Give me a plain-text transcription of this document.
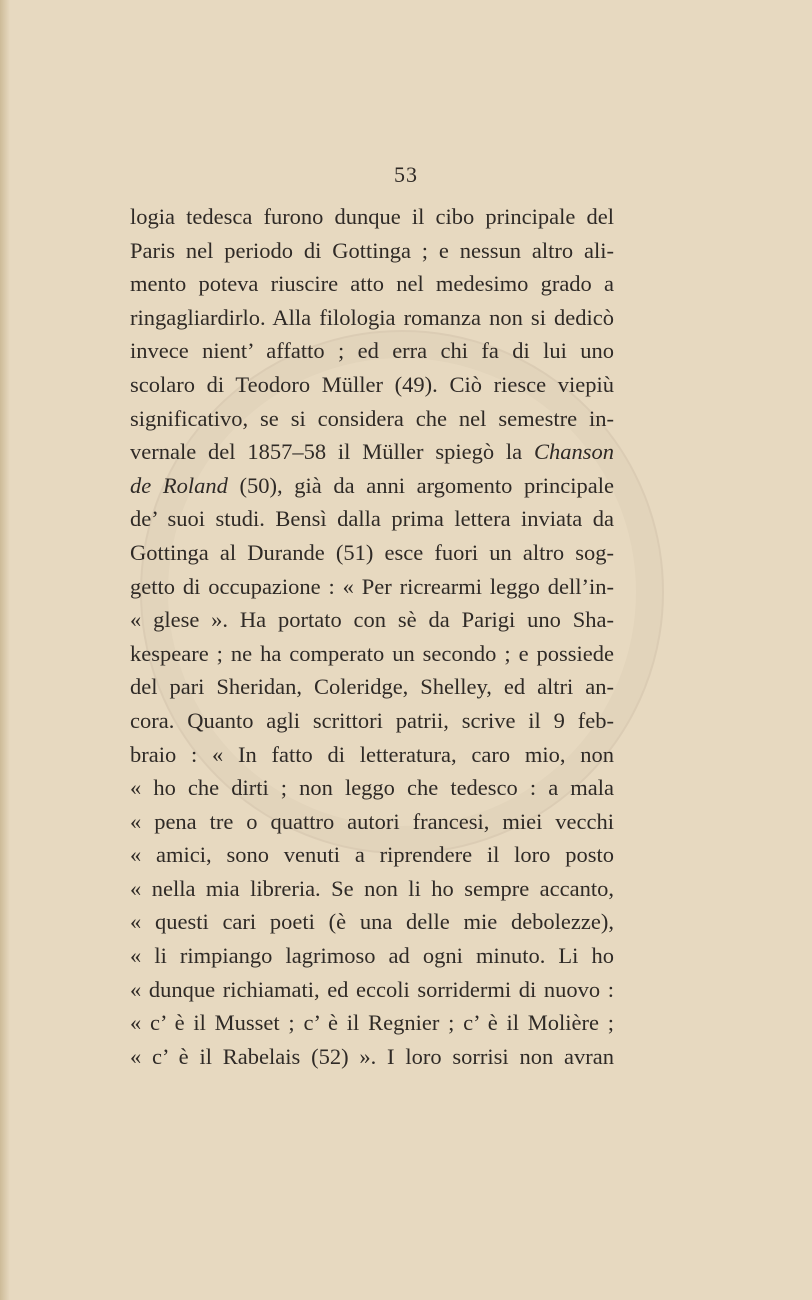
53
logia tedesca furono dunque il cibo principale del
Paris nel periodo di Gottinga ; e nessun altro ali-
mento poteva riuscire atto nel medesimo grado a
ringagliardirlo. Alla filologia romanza non si dedicò
invece nient’ affatto ; ed erra chi fa di lui uno
scolaro di Teodoro Müller (49). Ciò riesce viepiù
significativo, se si considera che nel semestre in-
vernale del 1857–58 il Müller spiegò la Chanson
de Roland (50), già da anni argomento principale
de’ suoi studi. Bensì dalla prima lettera inviata da
Gottinga al Durande (51) esce fuori un altro sog-
getto di occupazione : « Per ricrearmi leggo dell’in-
« glese ». Ha portato con sè da Parigi uno Sha-
kespeare ; ne ha comperato un secondo ; e possiede
del pari Sheridan, Coleridge, Shelley, ed altri an-
cora. Quanto agli scrittori patrii, scrive il 9 feb-
braio : « In fatto di letteratura, caro mio, non
« ho che dirti ; non leggo che tedesco : a mala
« pena tre o quattro autori francesi, miei vecchi
« amici, sono venuti a riprendere il loro posto
« nella mia libreria. Se non li ho sempre accanto,
« questi cari poeti (è una delle mie debolezze),
« li rimpiango lagrimoso ad ogni minuto. Li ho
« dunque richiamati, ed eccoli sorridermi di nuovo :
« c’ è il Musset ; c’ è il Regnier ; c’ è il Molière ;
« c’ è il Rabelais (52) ». I loro sorrisi non avran
